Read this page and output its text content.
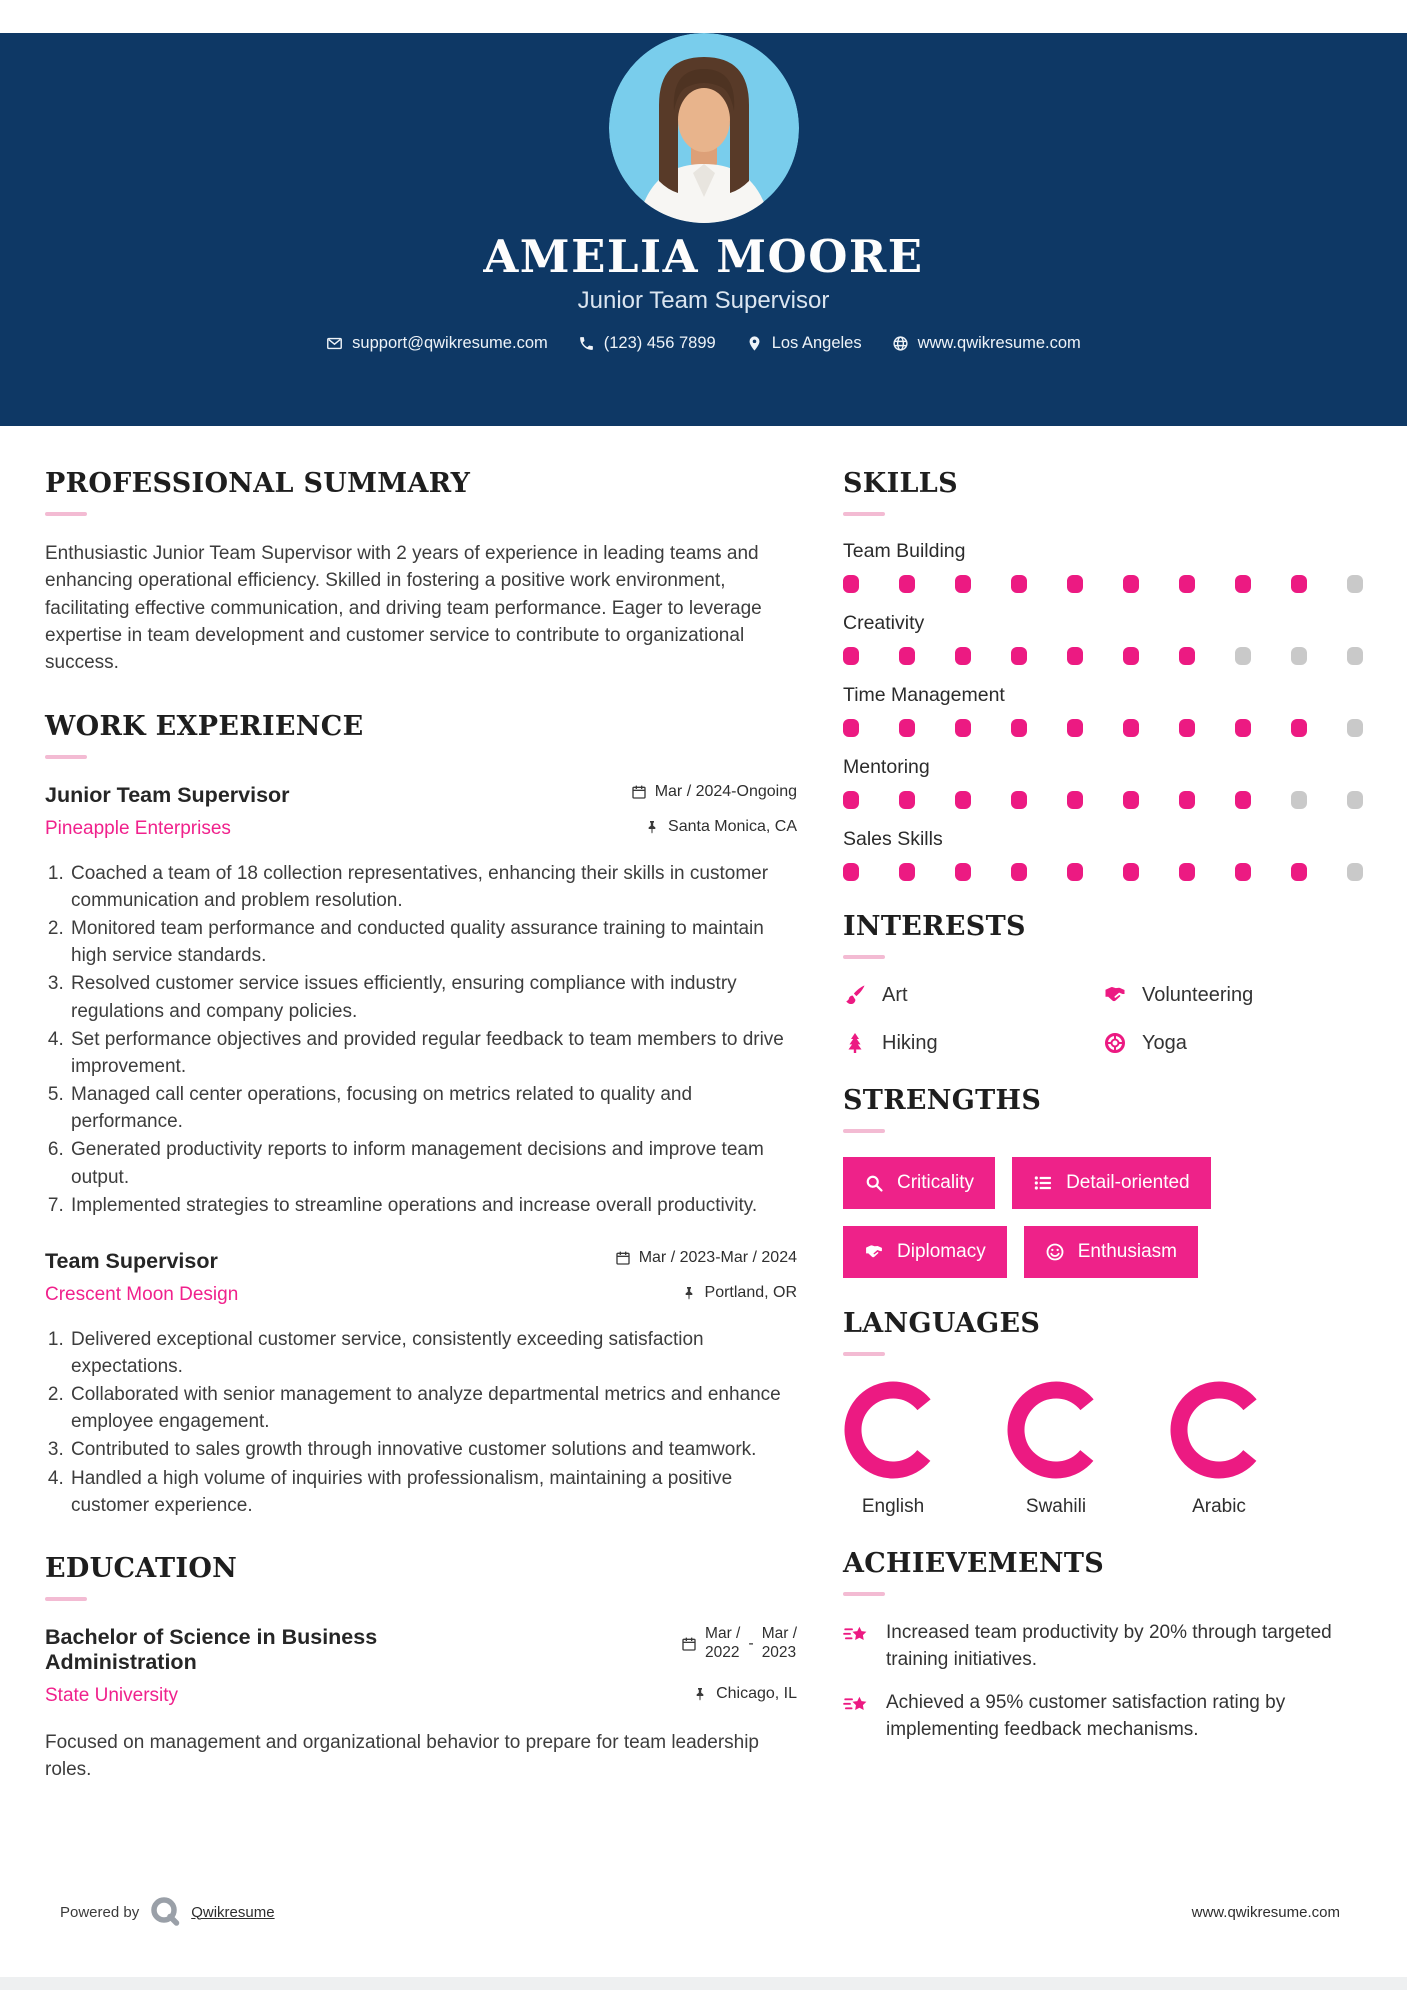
AMELIA MOORE
Junior Team Supervisor
support@qwikresume.com	(123) 456 7899	Los Angeles	www.qwikresume.com
PROFESSIONAL SUMMARY

Enthusiastic Junior Team Supervisor with 2 years of experience in leading teams and enhancing operational efficiency. Skilled in fostering a positive work environment, facilitating effective communication, and driving team performance. Eager to leverage expertise in team development and customer service to contribute to organizational success.

WORK EXPERIENCE
Junior Team Supervisor	Mar / 2024-Ongoing
Pineapple Enterprises	Santa Monica, CA
1. Coached a team of 18 collection representatives, enhancing their skills in customer communication and problem resolution.
2. Monitored team performance and conducted quality assurance training to maintain high service standards.
3. Resolved customer service issues efficiently, ensuring compliance with industry regulations and company policies.
4. Set performance objectives and provided regular feedback to team members to drive improvement.
5. Managed call center operations, focusing on metrics related to quality and performance.
6. Generated productivity reports to inform management decisions and improve team output.
7. Implemented strategies to streamline operations and increase overall productivity.
Team Supervisor	Mar / 2023-Mar / 2024
Crescent Moon Design	Portland, OR
1. Delivered exceptional customer service, consistently exceeding satisfaction expectations.
2. Collaborated with senior management to analyze departmental metrics and enhance employee engagement.
3. Contributed to sales growth through innovative customer solutions and teamwork.
4. Handled a high volume of inquiries with professionalism, maintaining a positive customer experience.
EDUCATION
Bachelor of Science in Business Administration
Mar /
2022
-
Mar /
2023
State University	Chicago, IL

Focused on management and organizational behavior to prepare for team leadership roles.

SKILLS
Team Building
Creativity
Time Management
Mentoring
Sales Skills
INTERESTS
Art	Volunteering
Hiking	Yoga
STRENGTHS
Criticality	Detail-oriented
Diplomacy	Enthusiasm
LANGUAGES
English	Swahili	Arabic
ACHIEVEMENTS
Increased team productivity by 20% through targeted training initiatives.
Achieved a 95% customer satisfaction rating by implementing feedback mechanisms.
Powered by	Qwikresume	www.qwikresume.com
